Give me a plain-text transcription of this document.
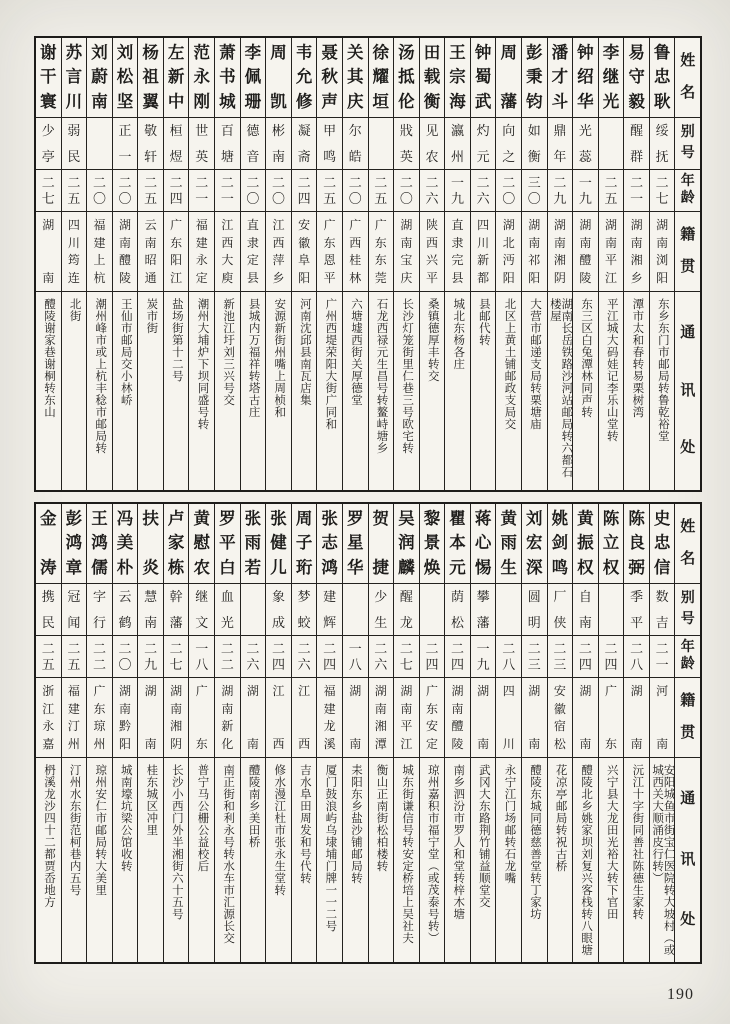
谢
干
寰
少
亭
二
七
湖
南
醴陵谢家巷谢桐转东山
苏
言
川
弱
民
二
五
四
川
筠
连
北街
刘
蔚
南
二
〇
福
建
上
杭
潮州峰市或上杭丰稔市邮局转
刘
松
坚
正
一
二
〇
湖
南
醴
陵
王仙市邮局交小林峤
杨
祖
翼
敬
轩
二
五
云
南
昭
通
炭市街
左
新
中
桓
煜
二
四
广
东
阳
江
盐场街第十二号
范
永
刚
世
英
二
一
福
建
永
定
潮州大埔炉下坝同盛号转
萧
书
城
百
塘
二
一
江
西
大
庾
新池江圩刘三兴号交
李
佩
珊
德
音
二
〇
直
隶
定
县
县城内万福祥转塔古庄
周
凯
彬
南
二
〇
江
西
萍
乡
安源新街州嘴上周桢和
韦
允
修
凝
斋
二
四
安
徽
阜
阳
河南沈邱县南瓦店集
聂
秋
声
甲
鸣
二
五
广
东
恩
平
广州西堤荣阳大街广同和
关
其
庆
尔
皓
二
〇
广
西
桂
林
六塘墟西街关厚德堂
徐
耀
垣
二
五
广
东
东
莞
石龙西禄元生昌号转鳌峙塘乡
汤
抵
伦
戕
英
二
〇
湖
南
宝
庆
长沙灯笼街里仁巷三号欧宅转
田
载
衡
见
农
二
六
陕
西
兴
平
桑镇德厚丰转交
王
宗
海
瀛
州
一
九
直
隶
完
县
城北东杨各庄
钟
蜀
武
灼
元
二
六
四
川
新
都
县邮代转
周
藩
向
之
二
〇
湖
北
沔
阳
北区上黄土铺邮政支局交
彭
秉
钧
如
衡
三
〇
湖
南
祁
阳
大营市邮递支局转栗塘庙
潘
才
斗
鼎
年
二
九
湖
南
湘
阴
湖南长岳铁路沙河站邮局转六都石楼屋
钟
绍
华
光
蕊
一
九
湖
南
醴
陵
东三区白兔潭林同声转
李
继
光
二
五
湖
南
平
江
平江城大码娃记李乐山堂转
易
守
毅
醒
群
二
一
湖
南
湘
乡
潭市太和春转易栗树湾
鲁
忠
耿
绥
抚
二
七
湖
南
浏
阳
东乡东门市邮局转鲁乾裕堂
姓
名
别
号
年
龄
籍
贯
通
讯
处
金
涛
携
民
二
五
浙
江
永
嘉
枬溪龙沙四十二都贾岙地方
彭
鸿
章
冠
闻
二
五
福
建
汀
州
汀州水东街范柯巷内五号
王
鸿
儒
字
行
二
二
广
东
琼
州
琼州安仁市邮局转大美里
冯
美
朴
云
鹤
二
〇
湖
南
黔
阳
城南壕坑梁公馆收转
扶
炎
慧
南
二
九
湖
南
桂东城区冲里
卢
家
栋
幹
藩
二
七
湖
南
湘
阴
长沙小西门外半湘街六十五号
黄
慰
农
继
文
一
八
广
东
普宁马公栅公益校后
罗
平
白
血
光
二
二
湖
南
新
化
南正街和利永号转水车市汇源长交
张
雨
若
二
六
湖
南
醴陵南乡美田桥
张
健
儿
象
成
二
四
江
西
修水漫江杜市张永生堂转
周
子
珩
梦
蛟
二
六
江
西
吉水阜田周发和号代转
张
志
鸿
建
辉
二
四
福
建
龙
溪
厦门鼓浪屿乌埭埔门牌一一二号
罗
星
华
一
八
湖
南
耒阳东乡盐沙铺邮局转
贺
捷
少
生
二
六
湖
南
湘
潭
衡山正南街松柏楼转
吴
润
麟
醒
龙
二
七
湖
南
平
江
城东街谦信号转安定桥培上吴社夫
黎
景
焕
二
四
广
东
安
定
琼州嘉积市福宁堂（或茂泰号转）
瞿
本
元
荫
松
二
四
湖
南
醴
陵
南乡泗汾市罗人和堂转梓木塘
蒋
心
惕
攀
藩
一
九
湖
南
武冈大东路荆竹铺益顺堂交
黄
雨
生
二
八
四
川
永宁江门场邮转石龙嘴
刘
宏
深
圆
明
二
三
湖
南
醴陵东城同德慈善堂转丁家坊
姚
剑
鸣
厂
侠
二
三
安
徽
宿
松
花凉亭邮局转祝古桥
黄
振
权
自
南
二
四
湖
南
醴陵北乡姚家坝刘复兴客栈转八眼塘
陈
立
权
二
四
广
东
兴宁县大龙田光裕大转下官田
陈
良
弼
季
平
二
八
湖
南
沅江十字街同善社陈德生家转
史
忠
信
数
吉
二
一
河
南
安阳城鱼市街宝仁医院转大坡村（或城西关大顺涌皮行转）
姓
名
别
号
年
龄
籍
贯
通
讯
处
190
